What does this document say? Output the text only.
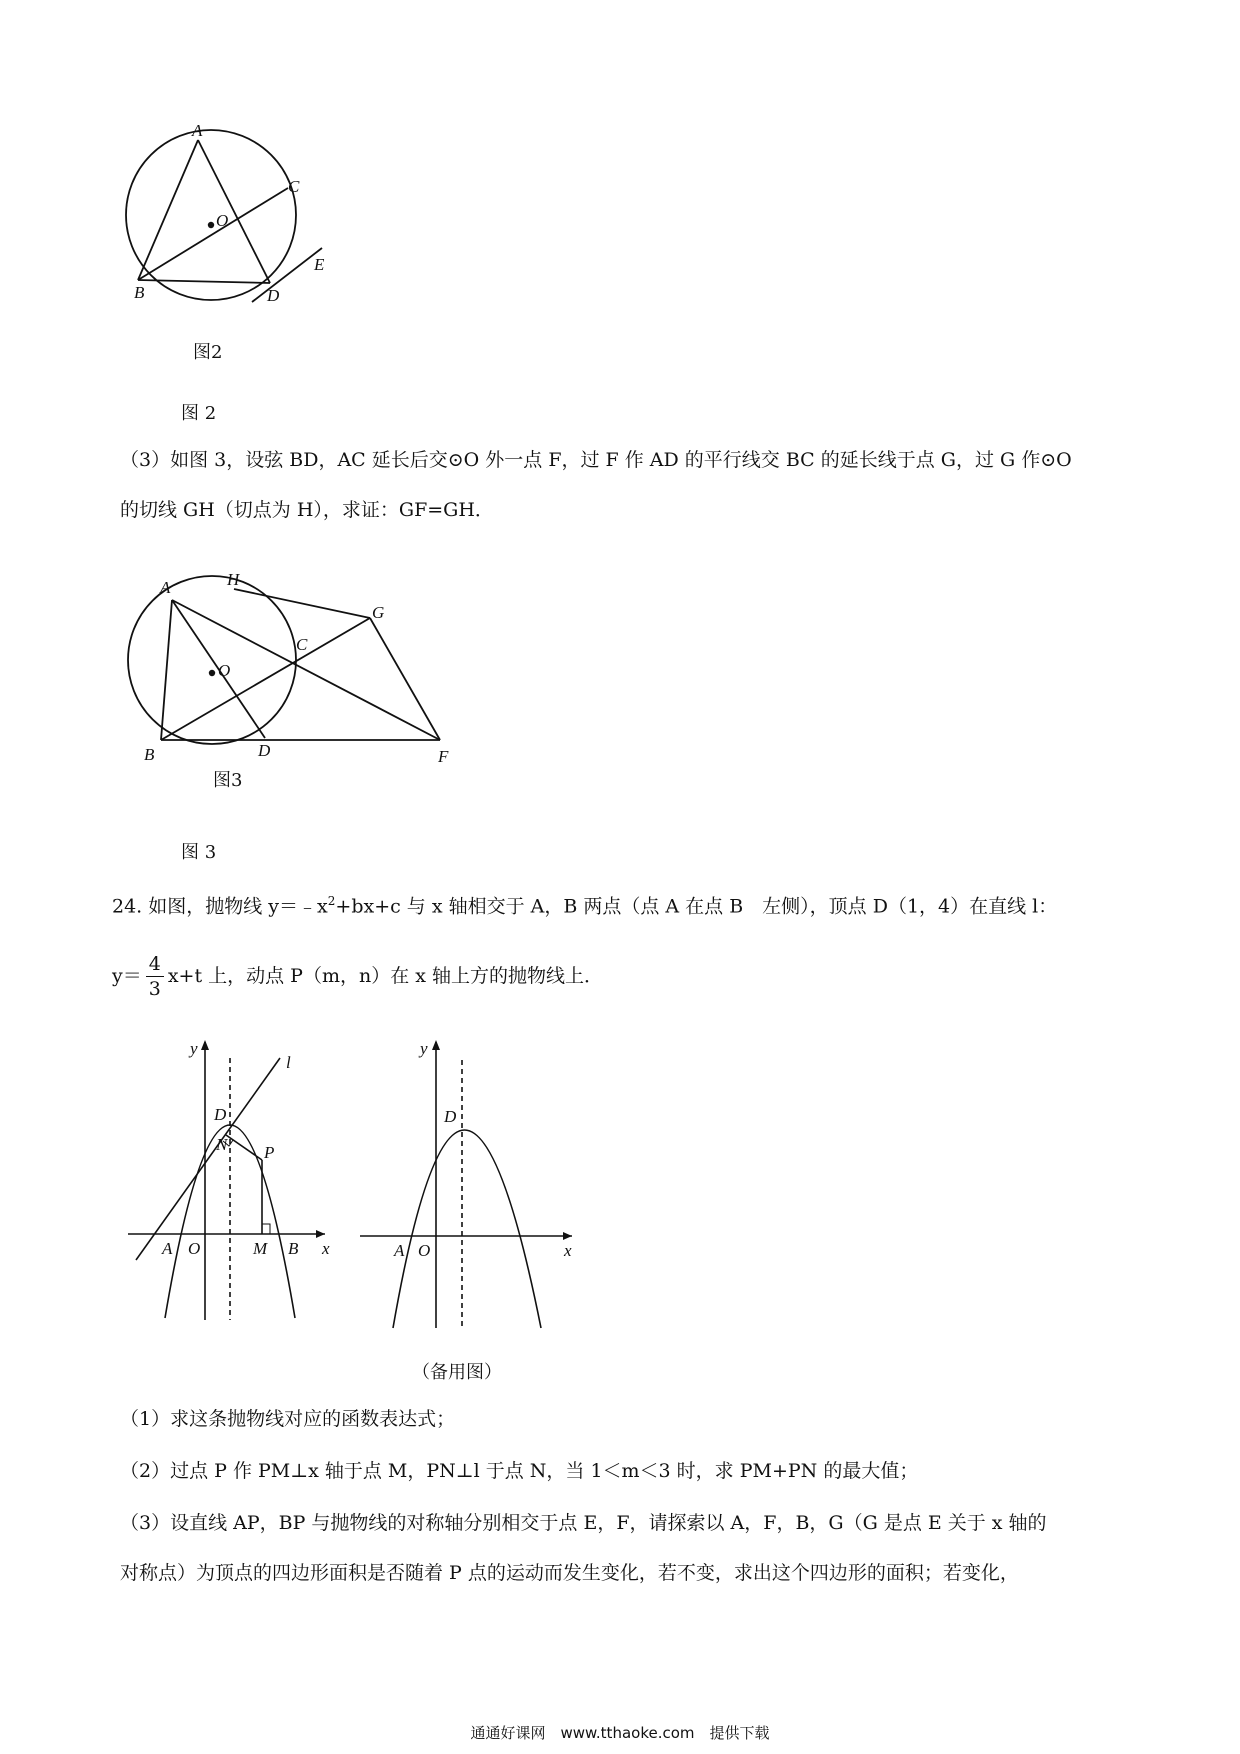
A
C
O
E
B	D
图2
图 2
（3）如图 3，设弦 BD，AC 延长后交⊙O 外一点 F，过 F 作 AD 的平行线交 BC 的延长线于点 G，过 G 作⊙O
的切线 GH（切点为 H），求证：GF=GH．
A	H
G
C
O
B	D	F
图3
图 3
24. 如图，抛物线 $y=﹣x^2+bx+c$ 与 x 轴相交于 A，B 两点（点 A 在点 B　左侧），顶点 D（1，4）在直线 l：
$y= \frac{4}{3} x+t$ 上，动点 P（m，n）在 x 轴上方的抛物线上．
y
l
D
N P
A O	M B x
y
D
A O	x
（备用图）
（1）求这条抛物线对应的函数表达式；
（2）过点 P 作 PM⊥x 轴于点 M，PN⊥l 于点 N，当 1＜m＜3 时，求 PM+PN 的最大值；
（3）设直线 AP，BP 与抛物线的对称轴分别相交于点 E，F，请探索以 A，F，B，G（G 是点 E 关于 x 轴的
对称点）为顶点的四边形面积是否随着 P 点的运动而发生变化，若不变，求出这个四边形的面积；若变化，
通通好课网　www.tthaoke.com　提供下载
